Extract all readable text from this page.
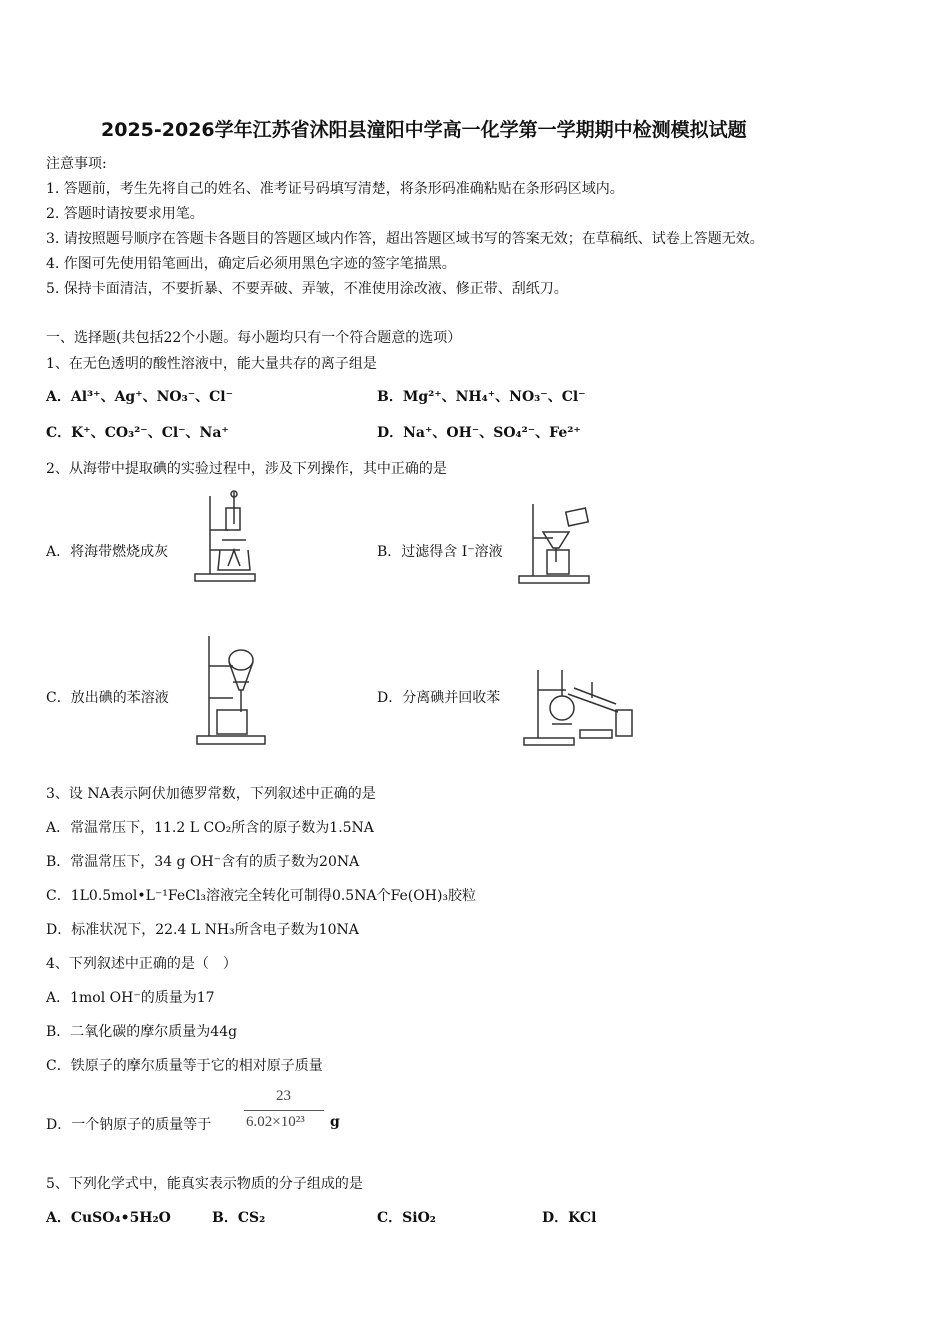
2025-2026学年江苏省沭阳县潼阳中学高一化学第一学期期中检测模拟试题
注意事项:
1. 答题前，考生先将自己的姓名、准考证号码填写清楚，将条形码准确粘贴在条形码区域内。
2. 答题时请按要求用笔。
3. 请按照题号顺序在答题卡各题目的答题区域内作答，超出答题区域书写的答案无效；在草稿纸、试卷上答题无效。
4. 作图可先使用铅笔画出，确定后必须用黑色字迹的签字笔描黑。
5. 保持卡面清洁，不要折暴、不要弄破、弄皱，不准使用涂改液、修正带、刮纸刀。
一、选择题(共包括22个小题。每小题均只有一个符合题意的选项）
1、在无色透明的酸性溶液中，能大量共存的离子组是
A．Al³⁺、Ag⁺、NO₃⁻、Cl⁻	B．Mg²⁺、NH₄⁺、NO₃⁻、Cl⁻
C．K⁺、CO₃²⁻、Cl⁻、Na⁺	D．Na⁺、OH⁻、SO₄²⁻、Fe²⁺
2、从海带中提取碘的实验过程中，涉及下列操作，其中正确的是
A．将海带燃烧成灰	B．过滤得含 I⁻溶液
C．放出碘的苯溶液	D．分离碘并回收苯
3、设 NA表示阿伏加德罗常数，下列叙述中正确的是
A．常温常压下，11.2 L CO₂所含的原子数为1.5NA
B．常温常压下，34 g OH⁻含有的质子数为20NA
C．1L0.5mol•L⁻¹FeCl₃溶液完全转化可制得0.5NA个Fe(OH)₃胶粒
D．标准状况下，22.4 L NH₃所含电子数为10NA
4、下列叙述中正确的是（　）
A．1mol OH⁻的质量为17
B．二氧化碳的摩尔质量为44g
C．铁原子的摩尔质量等于它的相对原子质量
D．一个钠原子的质量等于
23
6.02×10²³ g
5、下列化学式中，能真实表示物质的分子组成的是
A．CuSO₄•5H₂O	B．CS₂	C．SiO₂	D．KCl
